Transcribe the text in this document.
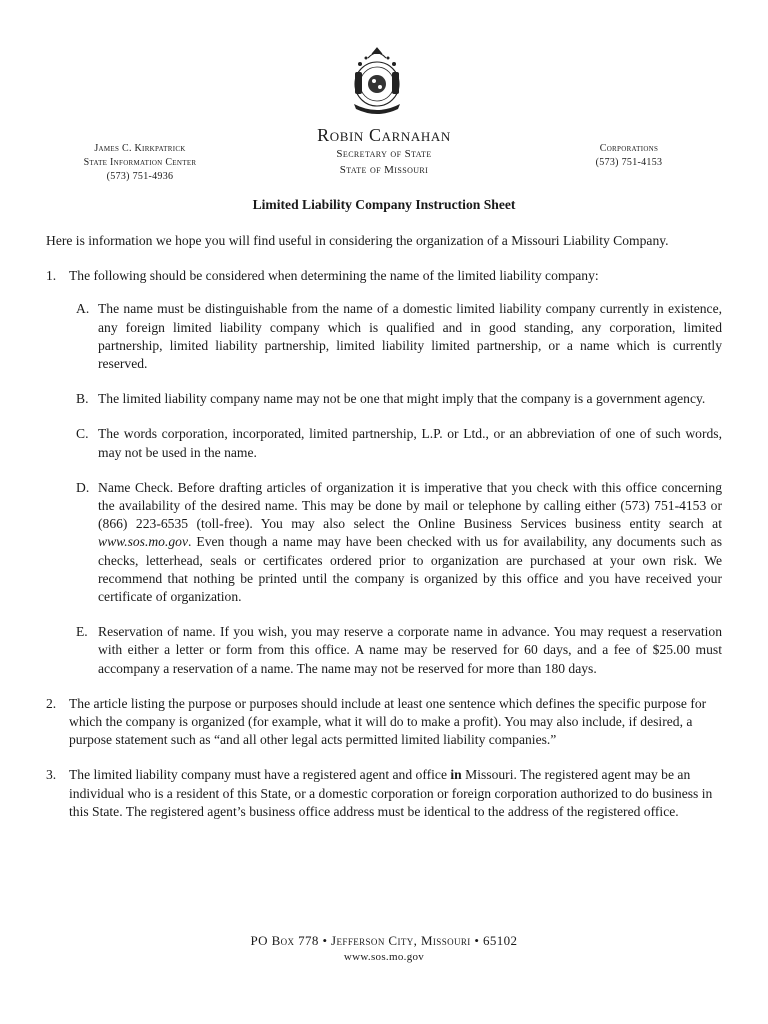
James C. Kirkpatrick
State Information Center
(573) 751-4936
Robin Carnahan
Secretary of State
State of Missouri
Corporations
(573) 751-4153
Limited Liability Company Instruction Sheet

Here is information we hope you will find useful in considering the organization of a Missouri Liability Company.

1. The following should be considered when determining the name of the limited liability company:
A. The name must be distinguishable from the name of a domestic limited liability company currently in existence, any foreign limited liability company which is qualified and in good standing, any corporation, limited partnership, limited liability partnership, limited liability limited partnership, or a name which is currently reserved.
B. The limited liability company name may not be one that might imply that the company is a government agency.
C. The words corporation, incorporated, limited partnership, L.P. or Ltd., or an abbreviation of one of such words, may not be used in the name.
D. Name Check. Before drafting articles of organization it is imperative that you check with this office concerning the availability of the desired name. This may be done by mail or telephone by calling either (573) 751-4153 or (866) 223-6535 (toll-free). You may also select the Online Business Services business entity search at www.sos.mo.gov. Even though a name may have been checked with us for availability, any documents such as checks, letterhead, seals or certificates ordered prior to organization are purchased at your own risk. We recommend that nothing be printed until the company is organized by this office and you have received your certificate of organization.
E. Reservation of name. If you wish, you may reserve a corporate name in advance. You may request a reservation with either a letter or form from this office. A name may be reserved for 60 days, and a fee of $25.00 must accompany a reservation of a name. The name may not be reserved for more than 180 days.
2. The article listing the purpose or purposes should include at least one sentence which defines the specific purpose for which the company is organized (for example, what it will do to make a profit). You may also include, if desired, a purpose statement such as “and all other legal acts permitted limited liability companies.”
3. The limited liability company must have a registered agent and office in Missouri. The registered agent may be an individual who is a resident of this State, or a domestic corporation or foreign corporation authorized to do business in this State. The registered agent’s business office address must be identical to the address of the registered office.
PO Box 778 • Jefferson City, Missouri • 65102
www.sos.mo.gov
